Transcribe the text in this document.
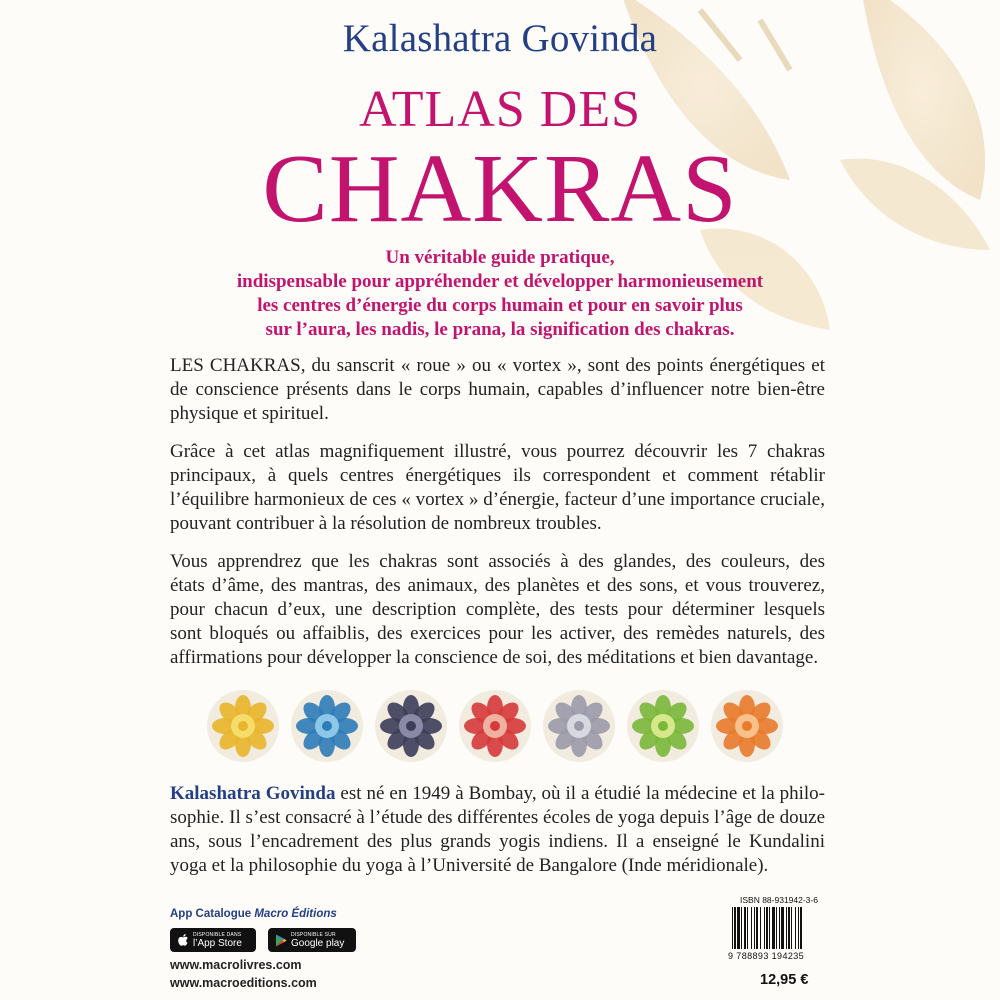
Kalashatra Govinda
ATLAS DES
CHAKRAS
Un véritable guide pratique,
indispensable pour appréhender et développer harmonieusement
les centres d’énergie du corps humain et pour en savoir plus
sur l’aura, les nadis, le prana, la signification des chakras.
LES CHAKRAS, du sanscrit « roue » ou « vortex », sont des points énergétiques et
de conscience présents dans le corps humain, capables d’influencer notre bien-être
physique et spirituel.
Grâce à cet atlas magnifiquement illustré, vous pourrez découvrir les 7 chakras
principaux, à quels centres énergétiques ils correspondent et comment rétablir
l’équilibre harmonieux de ces « vortex » d’énergie, facteur d’une importance cruciale,
pouvant contribuer à la résolution de nombreux troubles.
Vous apprendrez que les chakras sont associés à des glandes, des couleurs, des
états d’âme, des mantras, des animaux, des planètes et des sons, et vous trouverez,
pour chacun d’eux, une description complète, des tests pour déterminer lesquels
sont bloqués ou affaiblis, des exercices pour les activer, des remèdes naturels, des
affirmations pour développer la conscience de soi, des méditations et bien davantage.
Kalashatra Govinda est né en 1949 à Bombay, où il a étudié la médecine et la philo-
sophie. Il s’est consacré à l’étude des différentes écoles de yoga depuis l’âge de douze
ans, sous l’encadrement des plus grands yogis indiens. Il a enseigné le Kundalini
yoga et la philosophie du yoga à l’Université de Bangalore (Inde méridionale).
App Catalogue Macro Éditions
DISPONIBLE DANS
l’App Store
DISPONIBLE SUR
Google play
www.macrolivres.com
www.macroeditions.com
ISBN 88-931942-3-6
9 788893 194235
12,95 €
